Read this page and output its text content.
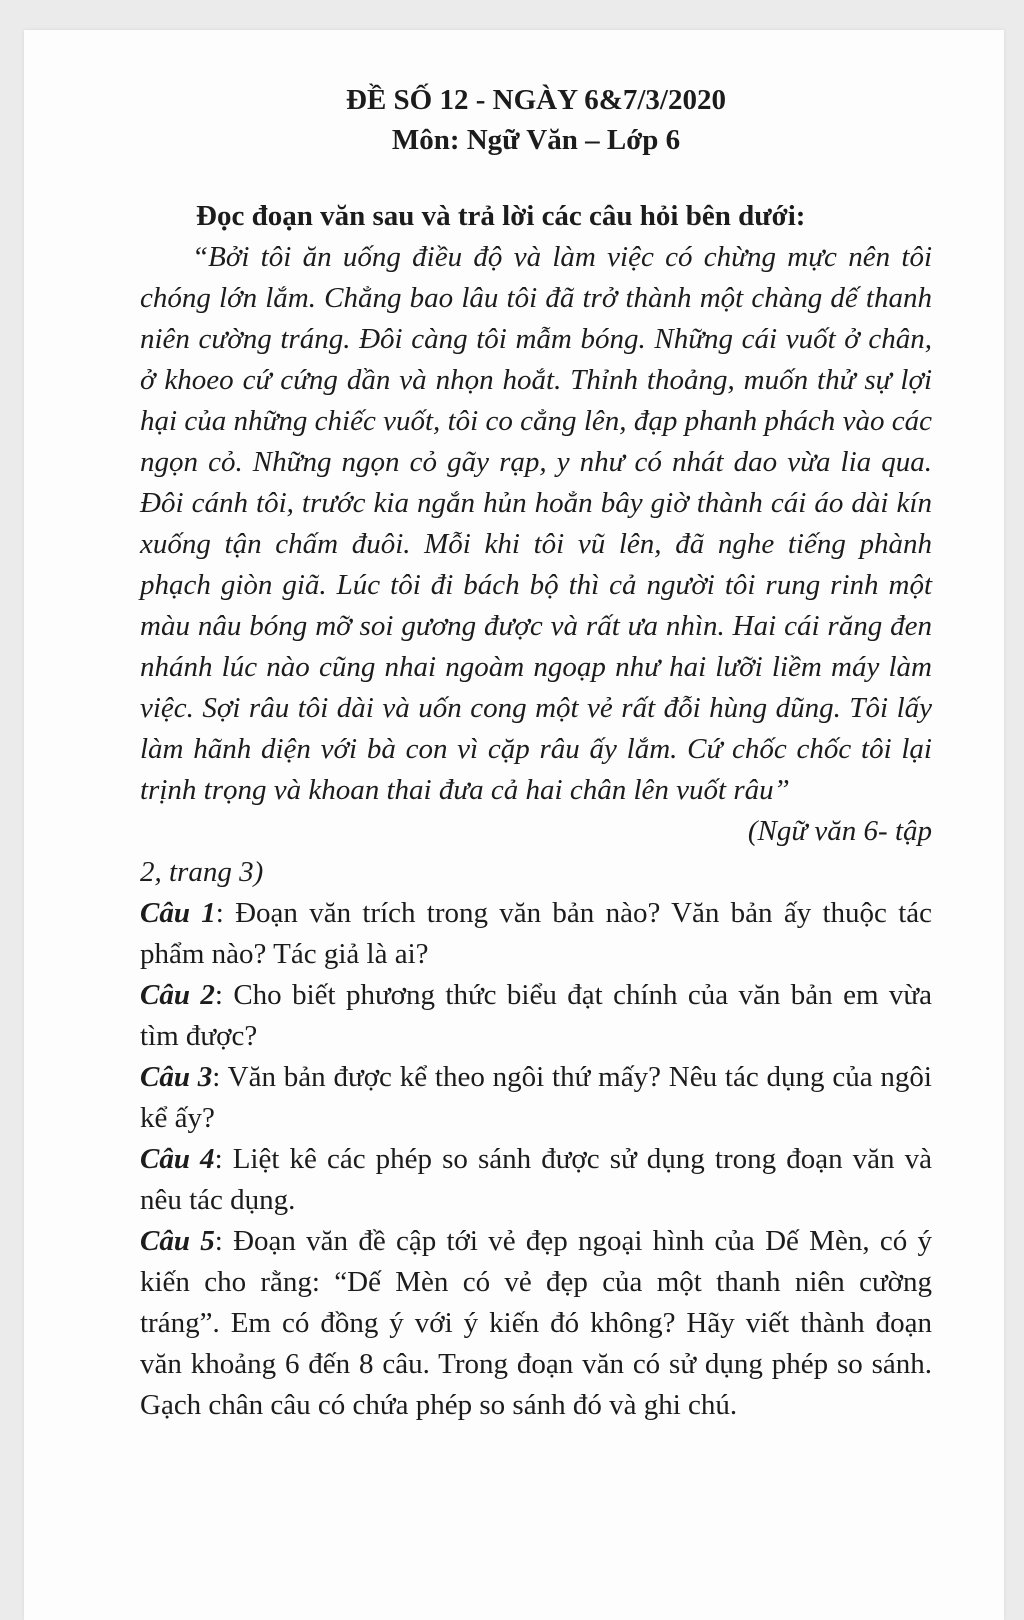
ĐỀ SỐ 12 - NGÀY 6&7/3/2020

Môn: Ngữ Văn – Lớp 6

Đọc đoạn văn sau và trả lời các câu hỏi bên dưới:

“Bởi tôi ăn uống điều độ và làm việc có chừng mực nên tôi chóng lớn lắm. Chẳng bao lâu tôi đã trở thành một chàng dế thanh niên cường tráng. Đôi càng tôi mẫm bóng. Những cái vuốt ở chân, ở khoeo cứ cứng dần và nhọn hoắt. Thỉnh thoảng, muốn thử sự lợi hại của những chiếc vuốt, tôi co cẳng lên, đạp phanh phách vào các ngọn cỏ. Những ngọn cỏ gãy rạp, y như có nhát dao vừa lia qua. Đôi cánh tôi, trước kia ngắn hủn hoẳn bây giờ thành cái áo dài kín xuống tận chấm đuôi. Mỗi khi tôi vũ lên, đã nghe tiếng phành phạch giòn giã. Lúc tôi đi bách bộ thì cả người tôi rung rinh một màu nâu bóng mỡ soi gương được và rất ưa nhìn. Hai cái răng đen nhánh lúc nào cũng nhai ngoàm ngoạp như hai lưỡi liềm máy làm việc. Sợi râu tôi dài và uốn cong một vẻ rất đỗi hùng dũng. Tôi lấy làm hãnh diện với bà con vì cặp râu ấy lắm. Cứ chốc chốc tôi lại trịnh trọng và khoan thai đưa cả hai chân lên vuốt râu”

(Ngữ văn 6- tập

2, trang 3)

Câu 1: Đoạn văn trích trong văn bản nào? Văn bản ấy thuộc tác phẩm nào? Tác giả là ai?

Câu 2: Cho biết phương thức biểu đạt chính của văn bản em vừa tìm được?

Câu 3: Văn bản được kể theo ngôi thứ mấy? Nêu tác dụng của ngôi kể ấy?

Câu 4: Liệt kê các phép so sánh được sử dụng trong đoạn văn và nêu tác dụng.

Câu 5: Đoạn văn đề cập tới vẻ đẹp ngoại hình của Dế Mèn, có ý kiến cho rằng: “Dế Mèn có vẻ đẹp của một thanh niên cường tráng”. Em có đồng ý với ý kiến đó không? Hãy viết thành đoạn văn khoảng 6 đến 8 câu. Trong đoạn văn có sử dụng phép so sánh. Gạch chân câu có chứa phép so sánh đó và ghi chú.
